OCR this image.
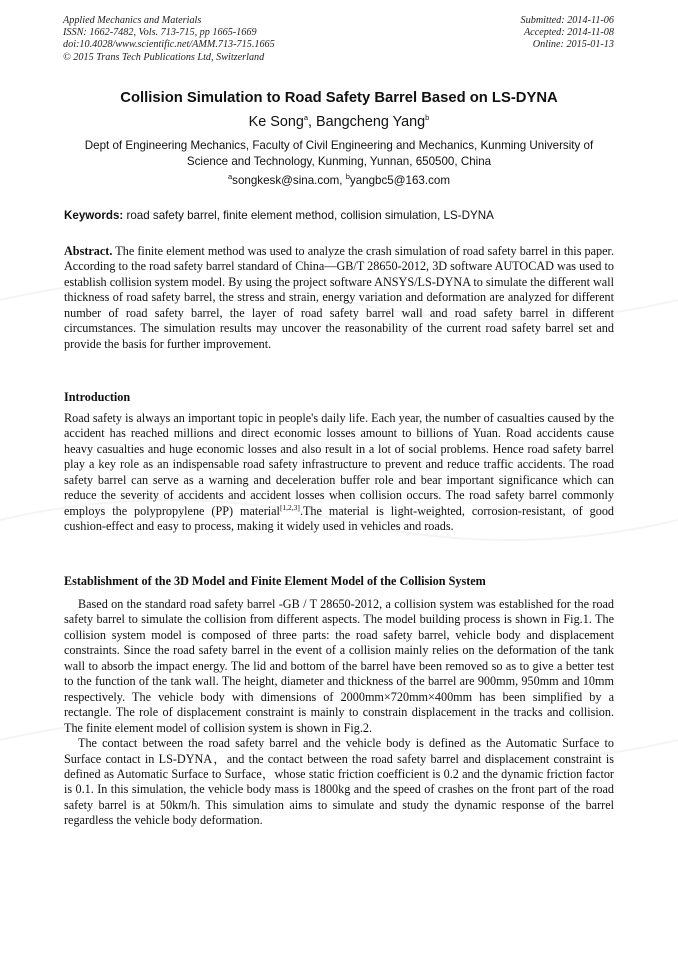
Applied Mechanics and Materials
ISSN: 1662-7482, Vols. 713-715, pp 1665-1669
doi:10.4028/www.scientific.net/AMM.713-715.1665
© 2015 Trans Tech Publications Ltd, Switzerland
Submitted: 2014-11-06
Accepted: 2014-11-08
Online: 2015-01-13
Collision Simulation to Road Safety Barrel Based on LS-DYNA
Ke Song$^a$, Bangcheng Yang$^b$
Dept of Engineering Mechanics, Faculty of Civil Engineering and Mechanics, Kunming University of Science and Technology, Kunming, Yunnan, 650500, China
$^a$songkesk@sina.com, $^b$yangbc5@163.com
Keywords: road safety barrel, finite element method, collision simulation, LS-DYNA

Abstract. The finite element method was used to analyze the crash simulation of road safety barrel in this paper. According to the road safety barrel standard of China—GB/T 28650-2012, 3D software AUTOCAD was used to establish collision system model. By using the project software ANSYS/LS-DYNA to simulate the different wall thickness of road safety barrel, the stress and strain, energy variation and deformation are analyzed for different number of road safety barrel, the layer of road safety barrel wall and road safety barrel in different circumstances. The simulation results may uncover the reasonability of the current road safety barrel set and provide the basis for further improvement.

Introduction

Road safety is always an important topic in people's daily life. Each year, the number of casualties caused by the accident has reached millions and direct economic losses amount to billions of Yuan. Road accidents cause heavy casualties and huge economic losses and also result in a lot of social problems. Hence road safety barrel play a key role as an indispensable road safety infrastructure to prevent and reduce traffic accidents. The road safety barrel can serve as a warning and deceleration buffer role and bear important significance which can reduce the severity of accidents and accident losses when collision occurs. The road safety barrel commonly employs the polypropylene (PP) material[1,2,3].The material is light-weighted, corrosion-resistant, of good cushion-effect and easy to process, making it widely used in vehicles and roads.

Establishment of the 3D Model and Finite Element Model of the Collision System

Based on the standard road safety barrel -GB / T 28650-2012, a collision system was established for the road safety barrel to simulate the collision from different aspects. The model building process is shown in Fig.1. The collision system model is composed of three parts: the road safety barrel, vehicle body and displacement constraints. Since the road safety barrel in the event of a collision mainly relies on the deformation of the tank wall to absorb the impact energy. The lid and bottom of the barrel have been removed so as to give a better test to the function of the tank wall. The height, diameter and thickness of the barrel are 900mm, 950mm and 10mm respectively. The vehicle body with dimensions of 2000mm×720mm×400mm has been simplified by a rectangle. The role of displacement constraint is mainly to constrain displacement in the tracks and collision. The finite element model of collision system is shown in Fig.2.

The contact between the road safety barrel and the vehicle body is defined as the Automatic Surface to Surface contact in LS-DYNA，and the contact between the road safety barrel and displacement constraint is defined as Automatic Surface to Surface，whose static friction coefficient is 0.2 and the dynamic friction factor is 0.1. In this simulation, the vehicle body mass is 1800kg and the speed of crashes on the front part of the road safety barrel is at 50km/h. This simulation aims to simulate and study the dynamic response of the barrel regardless the vehicle body deformation.
